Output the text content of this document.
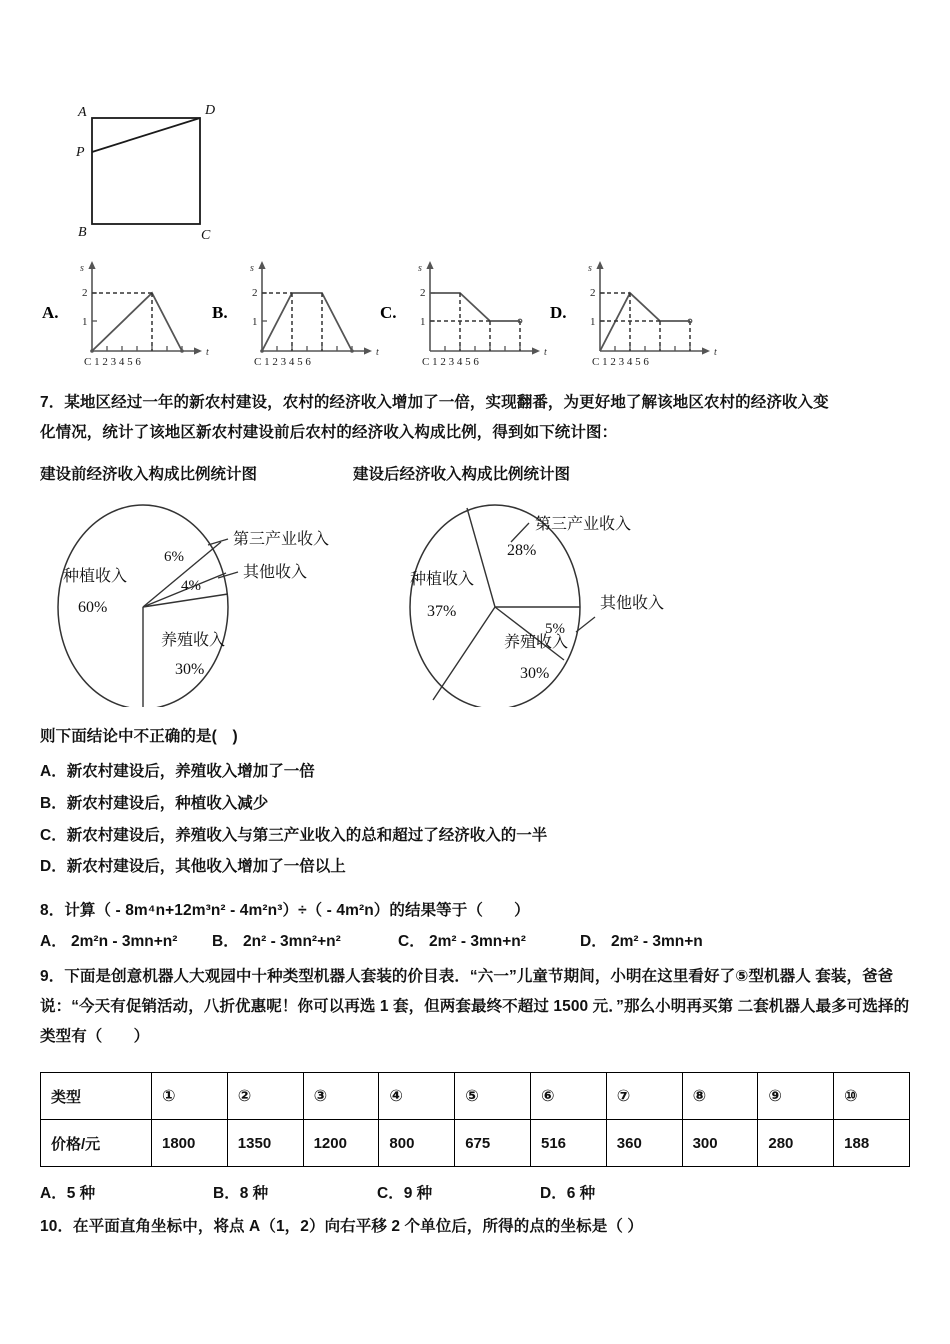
A	D
P
B	C
A.
s
t
2
1
C 1 2 3 4 5 6
B.
s
t
2
1
C 1 2 3 4 5 6
C.
s
t
2
1
C 1 2 3 4 5 6
D.
s
t
2
1
C 1 2 3 4 5 6
7．某地区经过一年的新农村建设，农村的经济收入增加了一倍，实现翻番，为更好地了解该地区农村的经济收入变
化情况，统计了该地区新农村建设前后农村的经济收入构成比例，得到如下统计图：
建设前经济收入构成比例统计图	建设后经济收入构成比例统计图
种植收入
60%
养殖收入
30%
6%
4%
第三产业收入
其他收入	种植收入
37%
养殖收入
30%
28%
5%
第三产业收入
其他收入
则下面结论中不正确的是(　)
A．新农村建设后，养殖收入增加了一倍
B．新农村建设后，种植收入减少
C．新农村建设后，养殖收入与第三产业收入的总和超过了经济收入的一半
D．新农村建设后，其他收入增加了一倍以上
8．计算（ - 8m⁴n+12m³n² - 4m²n³）÷（ - 4m²n）的结果等于（　　）
A． 2m²n - 3mn+n² B． 2n² - 3mn²+n²	C． 2m² - 3mn+n²	D． 2m² - 3mn+n
9．下面是创意机器人大观园中十种类型机器人套装的价目表．“六一”儿童节期间，小明在这里看好了⑤型机器人 套装，爸爸说：“今天有促销活动，八折优惠呢！你可以再选 1 套，但两套最终不超过 1500 元．”那么小明再买第 二套机器人最多可选择的类型有（　　）
类型	①	②	③	④	⑤	⑥	⑦	⑧	⑨	⑩
价格/元	1800	1350	1200	800	675	516	360	300	280	188
A．5 种	B．8 种	C．9 种	D．6 种
10．在平面直角坐标中，将点 A（1，2）向右平移 2 个单位后，所得的点的坐标是（ ）
